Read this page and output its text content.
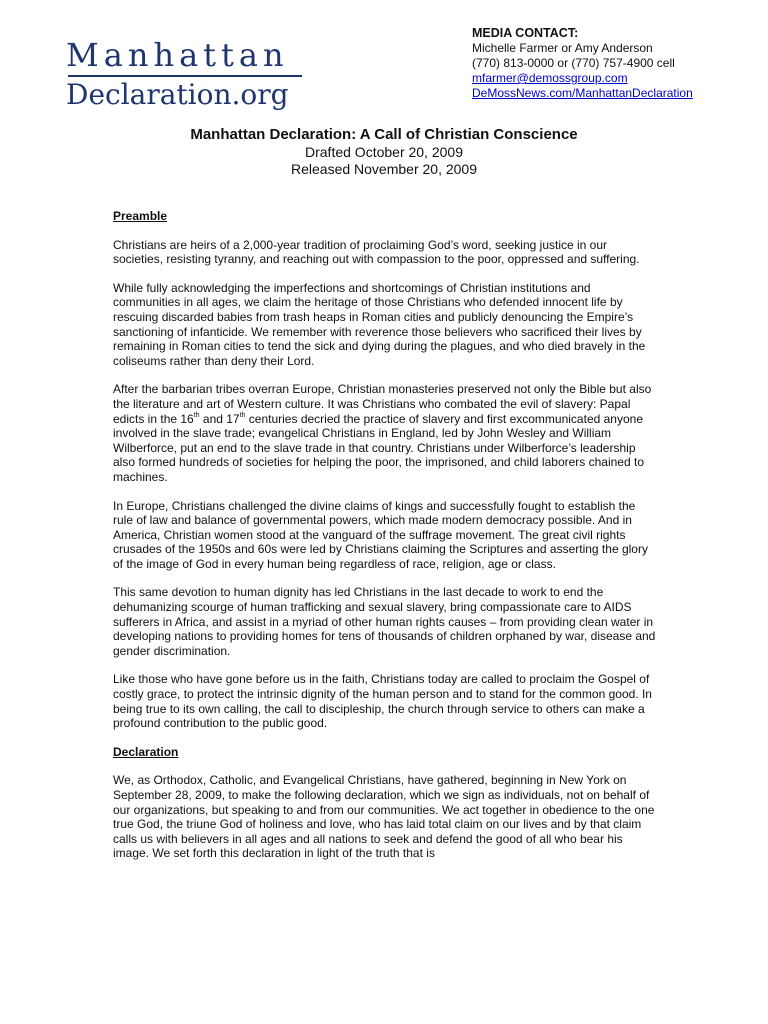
Manhattan
Declaration.org
MEDIA CONTACT:
Michelle Farmer or Amy Anderson
(770) 813-0000 or (770) 757-4900 cell
mfarmer@demossgroup.com
DeMossNews.com/ManhattanDeclaration
Manhattan Declaration: A Call of Christian Conscience
Drafted October 20, 2009
Released November 20, 2009
Preamble

Christians are heirs of a 2,000-year tradition of proclaiming God’s word, seeking justice in our societies, resisting tyranny, and reaching out with compassion to the poor, oppressed and suffering.

While fully acknowledging the imperfections and shortcomings of Christian institutions and communities in all ages, we claim the heritage of those Christians who defended innocent life by rescuing discarded babies from trash heaps in Roman cities and publicly denouncing the Empire’s sanctioning of infanticide. We remember with reverence those believers who sacrificed their lives by remaining in Roman cities to tend the sick and dying during the plagues, and who died bravely in the coliseums rather than deny their Lord.

After the barbarian tribes overran Europe, Christian monasteries preserved not only the Bible but also the literature and art of Western culture. It was Christians who combated the evil of slavery: Papal edicts in the 16th and 17th centuries decried the practice of slavery and first excommunicated anyone involved in the slave trade; evangelical Christians in England, led by John Wesley and William Wilberforce, put an end to the slave trade in that country. Christians under Wilberforce’s leadership also formed hundreds of societies for helping the poor, the imprisoned, and child laborers chained to machines.

In Europe, Christians challenged the divine claims of kings and successfully fought to establish the rule of law and balance of governmental powers, which made modern democracy possible. And in America, Christian women stood at the vanguard of the suffrage movement. The great civil rights crusades of the 1950s and 60s were led by Christians claiming the Scriptures and asserting the glory of the image of God in every human being regardless of race, religion, age or class.

This same devotion to human dignity has led Christians in the last decade to work to end the dehumanizing scourge of human trafficking and sexual slavery, bring compassionate care to AIDS sufferers in Africa, and assist in a myriad of other human rights causes – from providing clean water in developing nations to providing homes for tens of thousands of children orphaned by war, disease and gender discrimination.

Like those who have gone before us in the faith, Christians today are called to proclaim the Gospel of costly grace, to protect the intrinsic dignity of the human person and to stand for the common good. In being true to its own calling, the call to discipleship, the church through service to others can make a profound contribution to the public good.

Declaration

We, as Orthodox, Catholic, and Evangelical Christians, have gathered, beginning in New York on September 28, 2009, to make the following declaration, which we sign as individuals, not on behalf of our organizations, but speaking to and from our communities. We act together in obedience to the one true God, the triune God of holiness and love, who has laid total claim on our lives and by that claim calls us with believers in all ages and all nations to seek and defend the good of all who bear his image. We set forth this declaration in light of the truth that is
